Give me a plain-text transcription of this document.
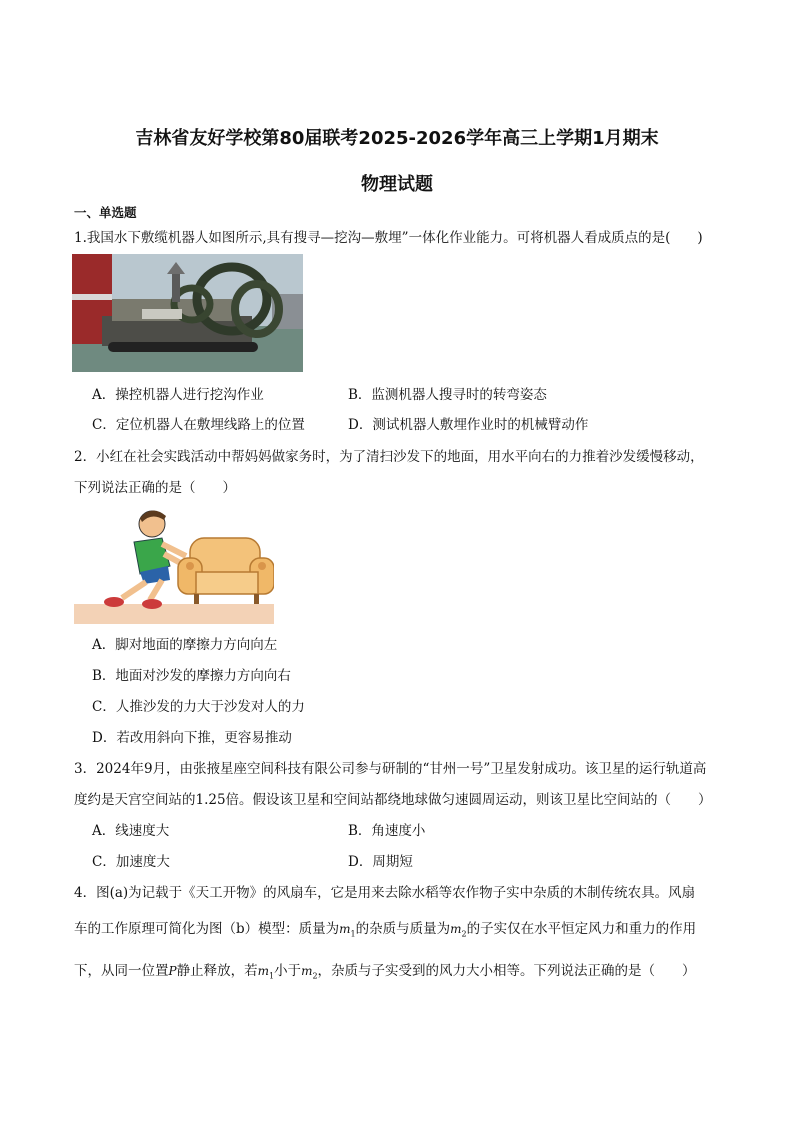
吉林省友好学校第80届联考2025-2026学年高三上学期1月期末
物理试题
一、单选题
1.我国水下敷缆机器人如图所示,具有搜寻—挖沟—敷埋”一体化作业能力。可将机器人看成质点的是(　　)
A．操控机器人进行挖沟作业	B．监测机器人搜寻时的转弯姿态
C．定位机器人在敷埋线路上的位置	D．测试机器人敷埋作业时的机械臂动作
2．小红在社会实践活动中帮妈妈做家务时，为了清扫沙发下的地面，用水平向右的力推着沙发缓慢移动，
下列说法正确的是（　　）
A．脚对地面的摩擦力方向向左
B．地面对沙发的摩擦力方向向右
C．人推沙发的力大于沙发对人的力
D．若改用斜向下推，更容易推动
3．2024年9月，由张掖星座空间科技有限公司参与研制的“甘州一号”卫星发射成功。该卫星的运行轨道高
度约是天宫空间站的1.25倍。假设该卫星和空间站都绕地球做匀速圆周运动，则该卫星比空间站的（　　）
A．线速度大	B．角速度小
C．加速度大	D．周期短
4．图(a)为记载于《天工开物》的风扇车，它是用来去除水稻等农作物子实中杂质的木制传统农具。风扇
车的工作原理可简化为图（b）模型：质量为$m_1$的杂质与质量为$m_2$的子实仅在水平恒定风力和重力的作用
下，从同一位置P静止释放，若$m_1$小于$m_2$，杂质与子实受到的风力大小相等。下列说法正确的是（　　）
